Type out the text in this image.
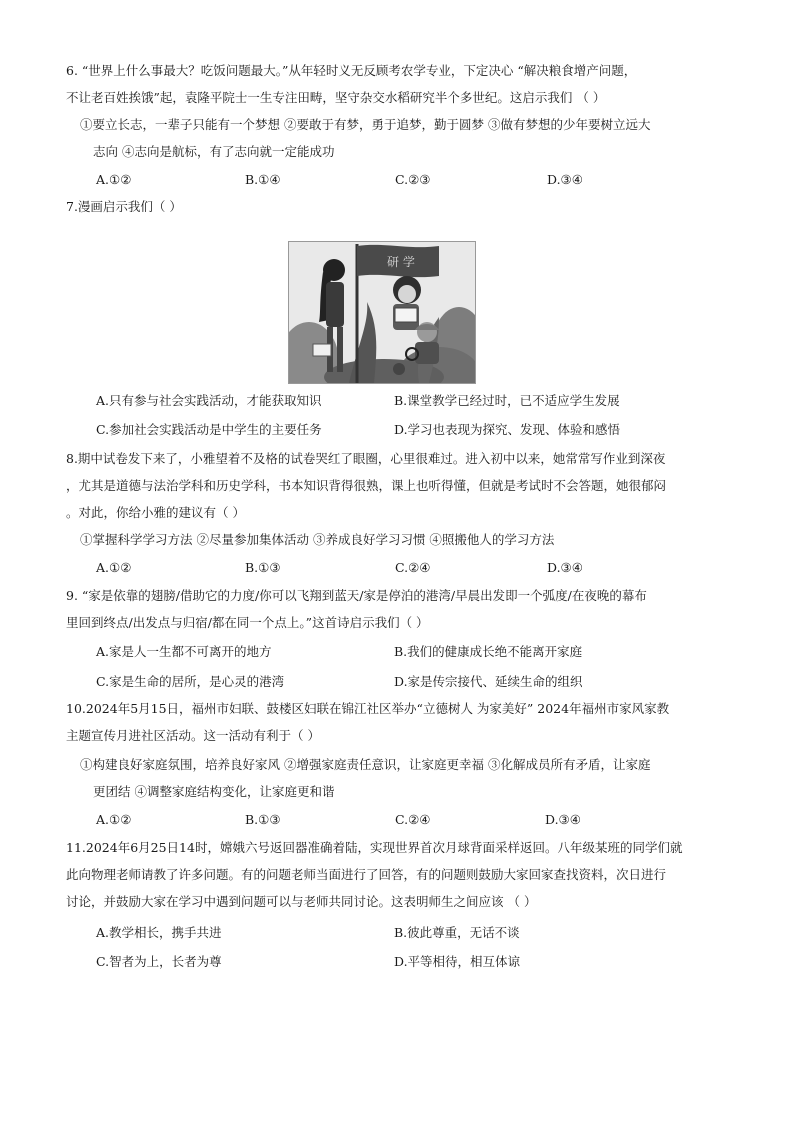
6. “世界上什么事最大？吃饭问题最大。”从年轻时义无反顾考农学专业，下定决心 “解决粮食增产问题，
不让老百姓挨饿”起，袁隆平院士一生专注田畴，坚守杂交水稻研究半个多世纪。这启示我们 （ ）
①要立长志，一辈子只能有一个梦想 ②要敢于有梦，勇于追梦，勤于圆梦 ③做有梦想的少年要树立远大
志向 ④志向是航标，有了志向就一定能成功
A.①②	B.①④	C.②③	D.③④
7.漫画启示我们（ ）
研 学
A.只有参与社会实践活动，才能获取知识	B.课堂教学已经过时，已不适应学生发展
C.参加社会实践活动是中学生的主要任务	D.学习也表现为探究、发现、体验和感悟
8.期中试卷发下来了，小雅望着不及格的试卷哭红了眼圈，心里很难过。进入初中以来，她常常写作业到深夜
，尤其是道德与法治学科和历史学科，书本知识背得很熟，课上也听得懂，但就是考试时不会答题，她很郁闷
。对此，你给小雅的建议有（ ）
①掌握科学学习方法 ②尽量参加集体活动 ③养成良好学习习惯 ④照搬他人的学习方法
A.①②	B.①③	C.②④	D.③④
9. “家是依靠的翅膀/借助它的力度/你可以飞翔到蓝天/家是停泊的港湾/早晨出发即一个弧度/在夜晚的幕布
里回到终点/出发点与归宿/都在同一个点上。”这首诗启示我们（ ）
A.家是人一生都不可离开的地方	B.我们的健康成长绝不能离开家庭
C.家是生命的居所，是心灵的港湾	D.家是传宗接代、延续生命的组织
10.2024年5月15日，福州市妇联、鼓楼区妇联在锦江社区举办“立德树人 为家美好” 2024年福州市家风家教
主题宣传月进社区活动。这一活动有利于（ ）
①构建良好家庭氛围，培养良好家风 ②增强家庭责任意识，让家庭更幸福 ③化解成员所有矛盾，让家庭
更团结 ④调整家庭结构变化，让家庭更和谐
A.①②	B.①③	C.②④	D.③④
11.2024年6月25日14时，嫦娥六号返回器准确着陆，实现世界首次月球背面采样返回。八年级某班的同学们就
此向物理老师请教了许多问题。有的问题老师当面进行了回答，有的问题则鼓励大家回家查找资料，次日进行
讨论，并鼓励大家在学习中遇到问题可以与老师共同讨论。这表明师生之间应该 （ ）
A.教学相长，携手共进	B.彼此尊重，无话不谈
C.智者为上，长者为尊	D.平等相待，相互体谅
